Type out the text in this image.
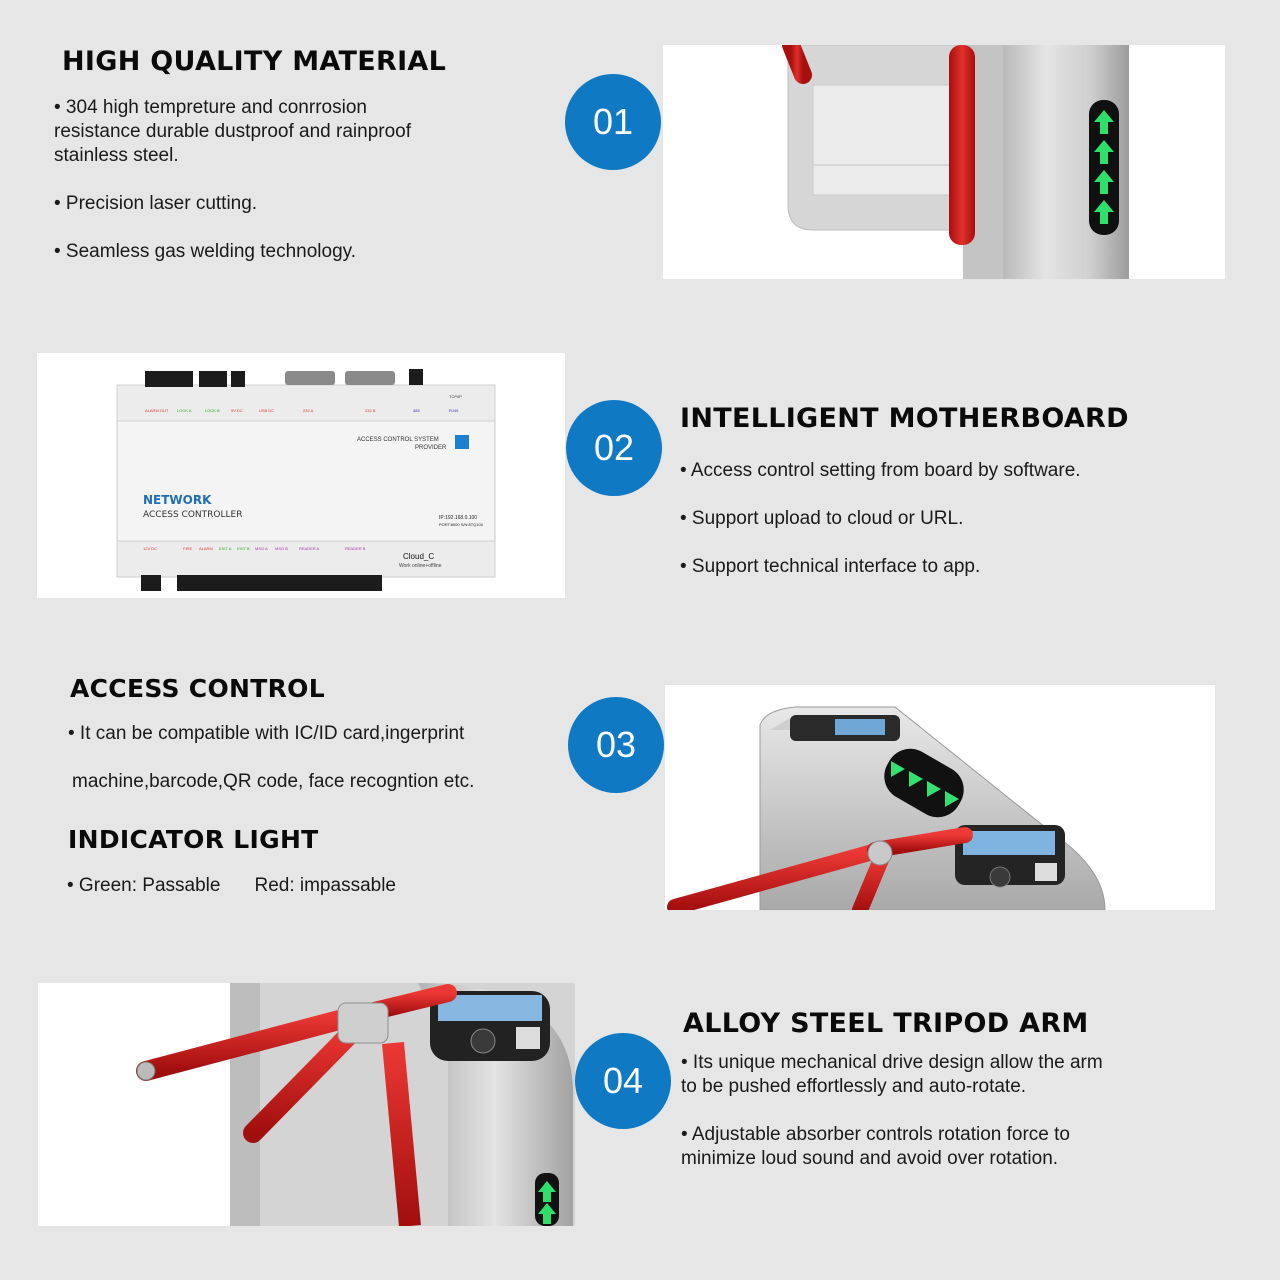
HIGH QUALITY MATERIAL
• 304 high tempreture and conrrosion
resistance durable dustproof and rainproof
stainless steel.
• Precision laser cutting.
• Seamless gas welding technology.
01
ALARM OUT LOCK A	LOCK B	5V DC	USB DC	232 A	232 B	485	RJ45
TCP/IP
ACCESS CONTROL SYSTEM
PROVIDER
NETWORK
ACCESS CONTROLLER	IP:192.168.0.100
PORT:8000 S/N:8TQ100
Cloud_C
Work online+offline
12V DC	FIRE ALARM EXIT A EXIT B MSG A MSG B	READER A	READER B
02
INTELLIGENT MOTHERBOARD
• Access control setting from board by software.
• Support upload to cloud or URL.
• Support technical interface to app.
ACCESS CONTROL
• It can be compatible with IC/ID card,ingerprint
machine,barcode,QR code, face recogntion etc.
INDICATOR LIGHT
• Green: Passable Red: impassable
03
04
ALLOY STEEL TRIPOD ARM
• Its unique mechanical drive design allow the arm
to be pushed effortlessly and auto-rotate.
• Adjustable absorber controls rotation force to
minimize loud sound and avoid over rotation.
